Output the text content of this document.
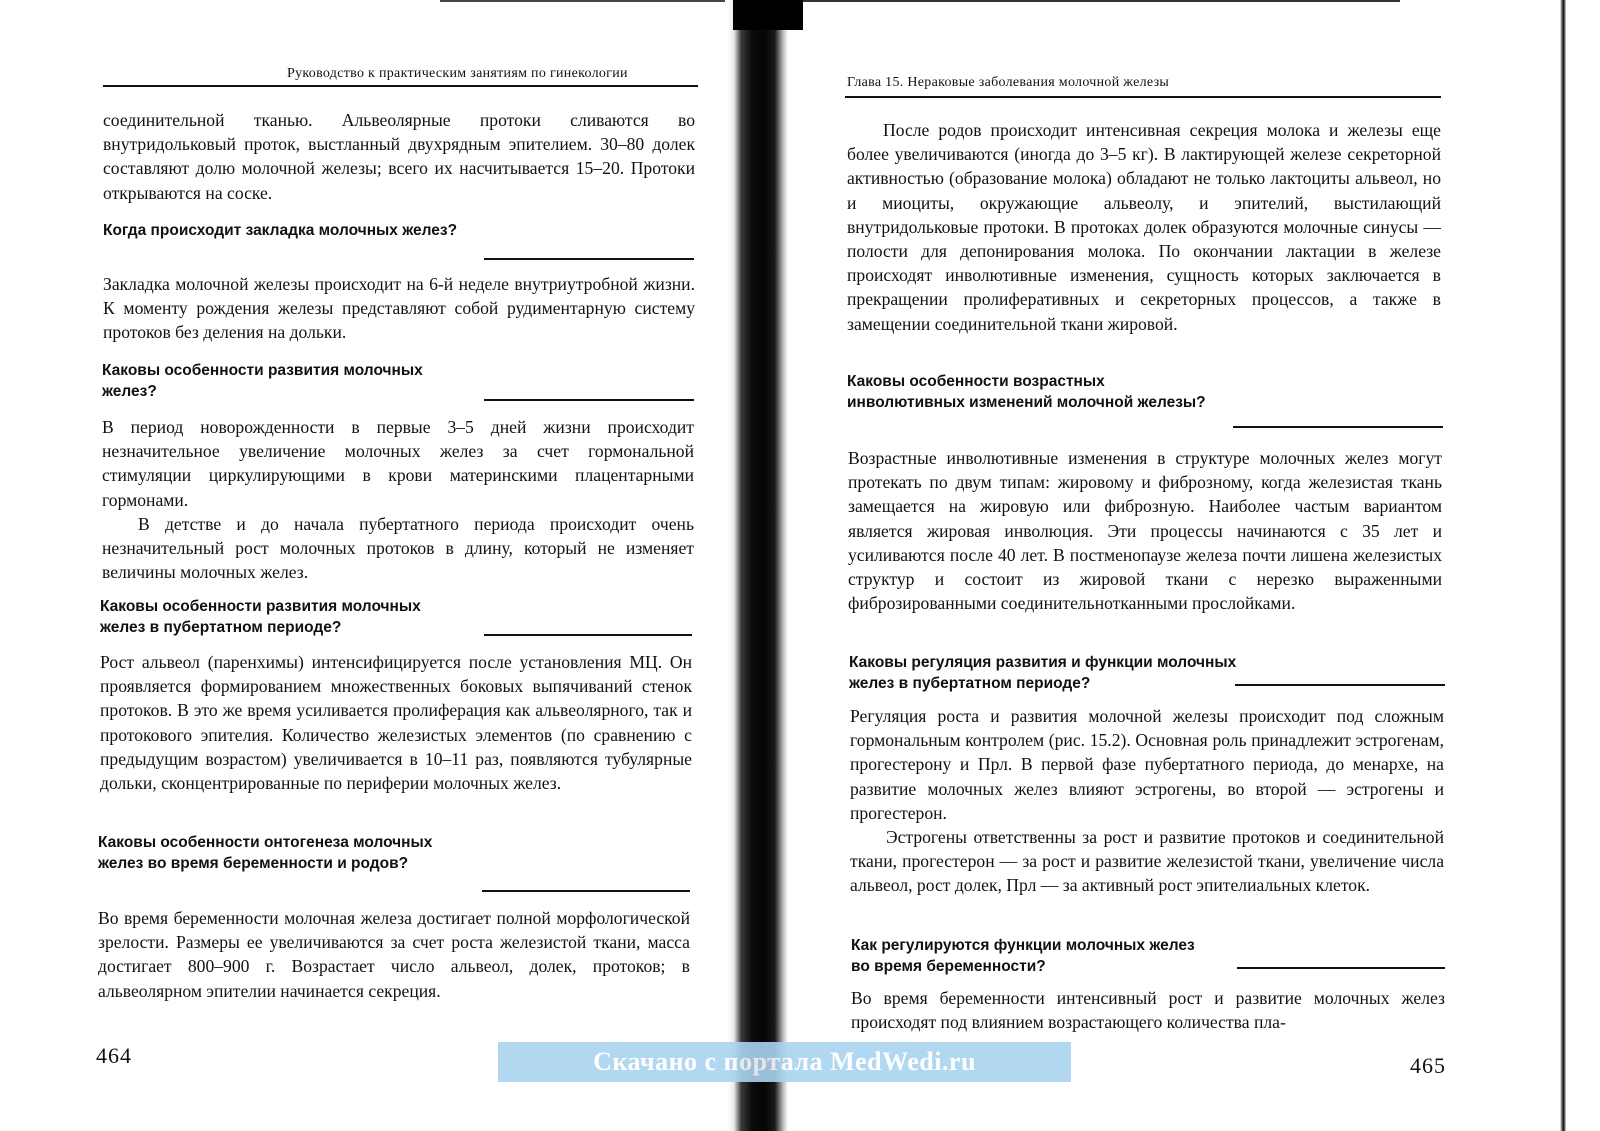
Руководство к практическим занятиям по гинекологии

соединительной тканью. Альвеолярные протоки сливаются во внутридольковый проток, выстланный двухрядным эпителием. 30–80 долек составляют долю молочной железы; всего их насчитывается 15–20. Протоки открываются на соске.

Когда происходит закладка молочных желез?

Закладка молочной железы происходит на 6-й неделе внутриутробной жизни. К моменту рождения железы представляют собой рудиментарную систему протоков без деления на дольки.

Каковы особенности развития молочных желез?

В период новорожденности в первые 3–5 дней жизни происходит незначительное увеличение молочных желез за счет гормональной стимуляции циркулирующими в крови материнскими плацентарными гормонами.

В детстве и до начала пубертатного периода происходит очень незначительный рост молочных протоков в длину, который не изменяет величины молочных желез.

Каковы особенности развития молочных желез в пубертатном периоде?

Рост альвеол (паренхимы) интенсифицируется после установления МЦ. Он проявляется формированием множественных боковых выпячиваний стенок протоков. В это же время усиливается пролиферация как альвеолярного, так и протокового эпителия. Количество железистых элементов (по сравнению с предыдущим возрастом) увеличивается в 10–11 раз, появляются тубулярные дольки, сконцентрированные по периферии молочных желез.

Каковы особенности онтогенеза молочных желез во время беременности и родов?

Во время беременности молочная железа достигает полной морфологической зрелости. Размеры ее увеличиваются за счет роста железистой ткани, масса достигает 800–900 г. Возрастает число альвеол, долек, протоков; в альвеолярном эпителии начинается секреция.

464
Глава 15. Нераковые заболевания молочной железы

После родов происходит интенсивная секреция молока и железы еще более увеличиваются (иногда до 3–5 кг). В лактирующей железе секреторной активностью (образование молока) обладают не только лактоциты альвеол, но и миоциты, окружающие альвеолу, и эпителий, выстилающий внутридольковые протоки. В протоках долек образуются молочные синусы — полости для депонирования молока. По окончании лактации в железе происходят инволютивные изменения, сущность которых заключается в прекращении пролиферативных и секреторных процессов, а также в замещении соединительной ткани жировой.

Каковы особенности возрастных инволютивных изменений молочной железы?

Возрастные инволютивные изменения в структуре молочных желез могут протекать по двум типам: жировому и фиброзному, когда железистая ткань замещается на жировую или фиброзную. Наиболее частым вариантом является жировая инволюция. Эти процессы начинаются с 35 лет и усиливаются после 40 лет. В постменопаузе железа почти лишена железистых структур и состоит из жировой ткани с нерезко выраженными фиброзированными соединительнотканными прослойками.

Каковы регуляция развития и функции молочных желез в пубертатном периоде?

Регуляция роста и развития молочной железы происходит под сложным гормональным контролем (рис. 15.2). Основная роль принадлежит эстрогенам, прогестерону и Прл. В первой фазе пубертатного периода, до менархе, на развитие молочных желез влияют эстрогены, во второй — эстрогены и прогестерон.

Эстрогены ответственны за рост и развитие протоков и соединительной ткани, прогестерон — за рост и развитие железистой ткани, увеличение числа альвеол, рост долек, Прл — за активный рост эпителиальных клеток.

Как регулируются функции молочных желез во время беременности?

Во время беременности интенсивный рост и развитие молочных желез происходят под влиянием возрастающего количества пла-

465
Скачано с портала MedWedi.ru
